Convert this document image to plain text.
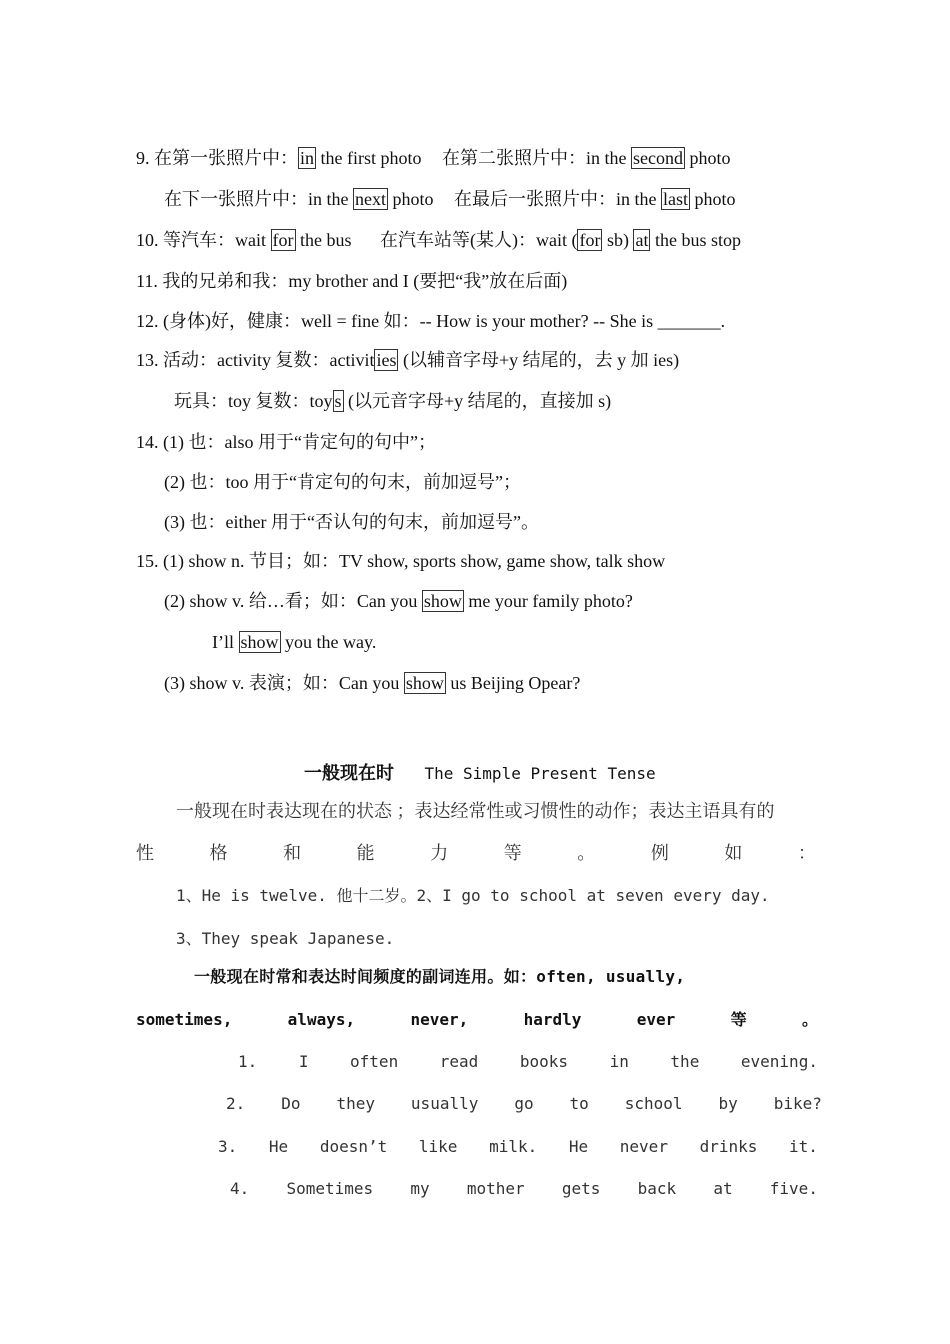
9. 在第一张照片中： in the first photo 在第二张照片中：in the second photo
在下一张照片中：in the next photo 在最后一张照片中：in the last photo
10. 等汽车：wait for the bus 在汽车站等(某人)：wait ( for sb) at the bus stop
11. 我的兄弟和我：my brother and I (要把“我”放在后面)
12. (身体)好，健康：well = fine 如：-- How is your mother? -- She is _______.
13. 活动：activity 复数：activit ies (以辅音字母+y 结尾的，去 y 加 ies)
玩具：toy 复数：toy s (以元音字母+y 结尾的，直接加 s)
14. (1) 也：also 用于“肯定句的句中”；
(2) 也：too 用于“肯定句的句末，前加逗号”；
(3) 也：either 用于“否认句的句末，前加逗号”。
15. (1) show n. 节目；如：TV show, sports show, game show, talk show
(2) show v. 给…看；如：Can you show me your family photo?
I’ll show you the way.
(3) show v. 表演；如：Can you show us Beijing Opear?
一般现在时 The Simple Present Tense
一般现在时表达现在的状态 ；表达经常性或习惯性的动作；表达主语具有的
性	格	和	能	力	等	。	例	如	：
1、He is twelve. 他十二岁。2、I go to school at seven every day.
3、They speak Japanese.
一般现在时常和表达时间频度的副词连用。如：often, usually,
sometimes,	always,	never,	hardly	ever	等	。
1.	I	often	read	books	in	the	evening.
2. Do they usually go to school by bike?
3. He doesn’t like milk. He never drinks it.
4. Sometimes my mother gets back at five.
